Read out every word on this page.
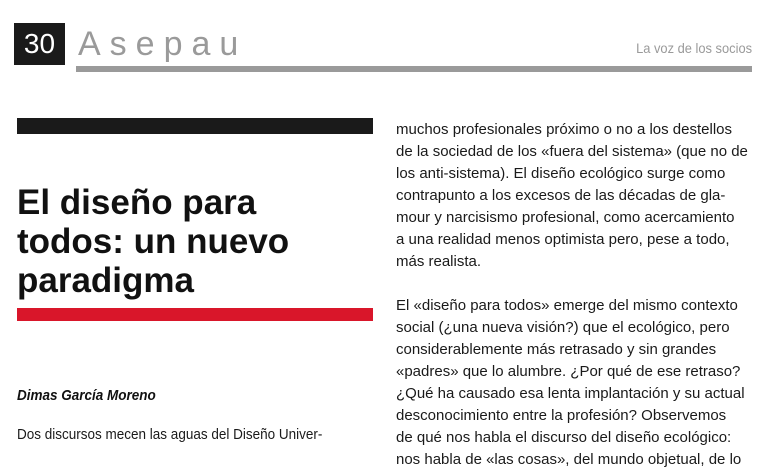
30 Asepau	La voz de los socios
El diseño para
todos: un nuevo
paradigma
Dimas García Moreno
Dos discursos mecen las aguas del Diseño Univer-
muchos profesionales próximo o no a los destellos
de la sociedad de los «fuera del sistema» (que no de
los anti-sistema). El diseño ecológico surge como
contrapunto a los excesos de las décadas de gla-
mour y narcisismo profesional, como acercamiento
a una realidad menos optimista pero, pese a todo,
más realista.
El «diseño para todos» emerge del mismo contexto
social (¿una nueva visión?) que el ecológico, pero
considerablemente más retrasado y sin grandes
«padres» que lo alumbre. ¿Por qué de ese retraso?
¿Qué ha causado esa lenta implantación y su actual
desconocimiento entre la profesión? Observemos
de qué nos habla el discurso del diseño ecológico:
nos habla de «las cosas», del mundo objetual, de lo
